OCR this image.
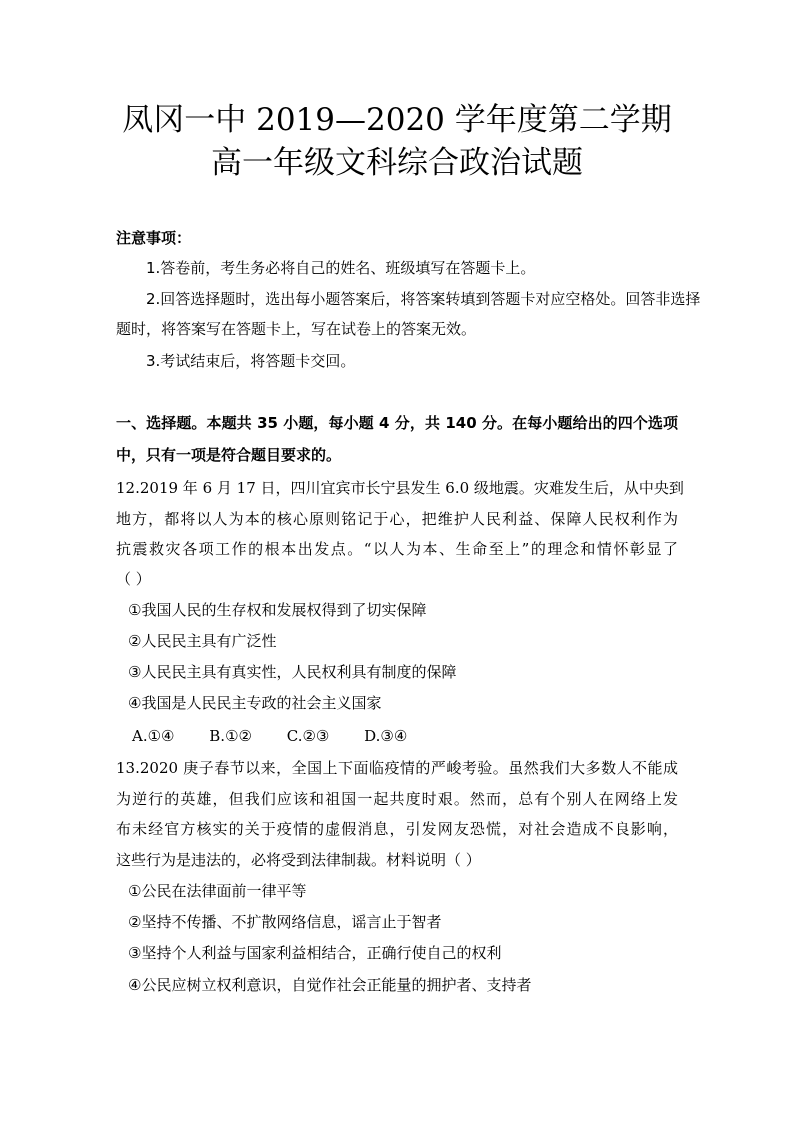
凤冈一中 2019—2020 学年度第二学期
高一年级文科综合政治试题
注意事项：
1.答卷前，考生务必将自己的姓名、班级填写在答题卡上。
2.回答选择题时，选出每小题答案后，将答案转填到答题卡对应空格处。回答非选择
题时，将答案写在答题卡上，写在试卷上的答案无效。
3.考试结束后，将答题卡交回。
一、选择题。本题共 35 小题，每小题 4 分，共 140 分。在每小题给出的四个选项
中，只有一项是符合题目要求的。
12.2019 年 6 月 17 日，四川宜宾市长宁县发生 6.0 级地震。灾难发生后，从中央到
地方，都将以人为本的核心原则铭记于心，把维护人民利益、保障人民权利作为
抗震救灾各项工作的根本出发点。“以人为本、生命至上”的理念和情怀彰显了
（ ）
①我国人民的生存权和发展权得到了切实保障
②人民民主具有广泛性
③人民民主具有真实性，人民权利具有制度的保障
④我国是人民民主专政的社会主义国家
A.①④ B.①② C.②③ D.③④
13.2020 庚子春节以来，全国上下面临疫情的严峻考验。虽然我们大多数人不能成
为逆行的英雄，但我们应该和祖国一起共度时艰。然而，总有个别人在网络上发
布未经官方核实的关于疫情的虚假消息，引发网友恐慌，对社会造成不良影响，
这些行为是违法的，必将受到法律制裁。材料说明（ ）
①公民在法律面前一律平等
②坚持不传播、不扩散网络信息，谣言止于智者
③坚持个人利益与国家利益相结合，正确行使自己的权利
④公民应树立权利意识，自觉作社会正能量的拥护者、支持者
